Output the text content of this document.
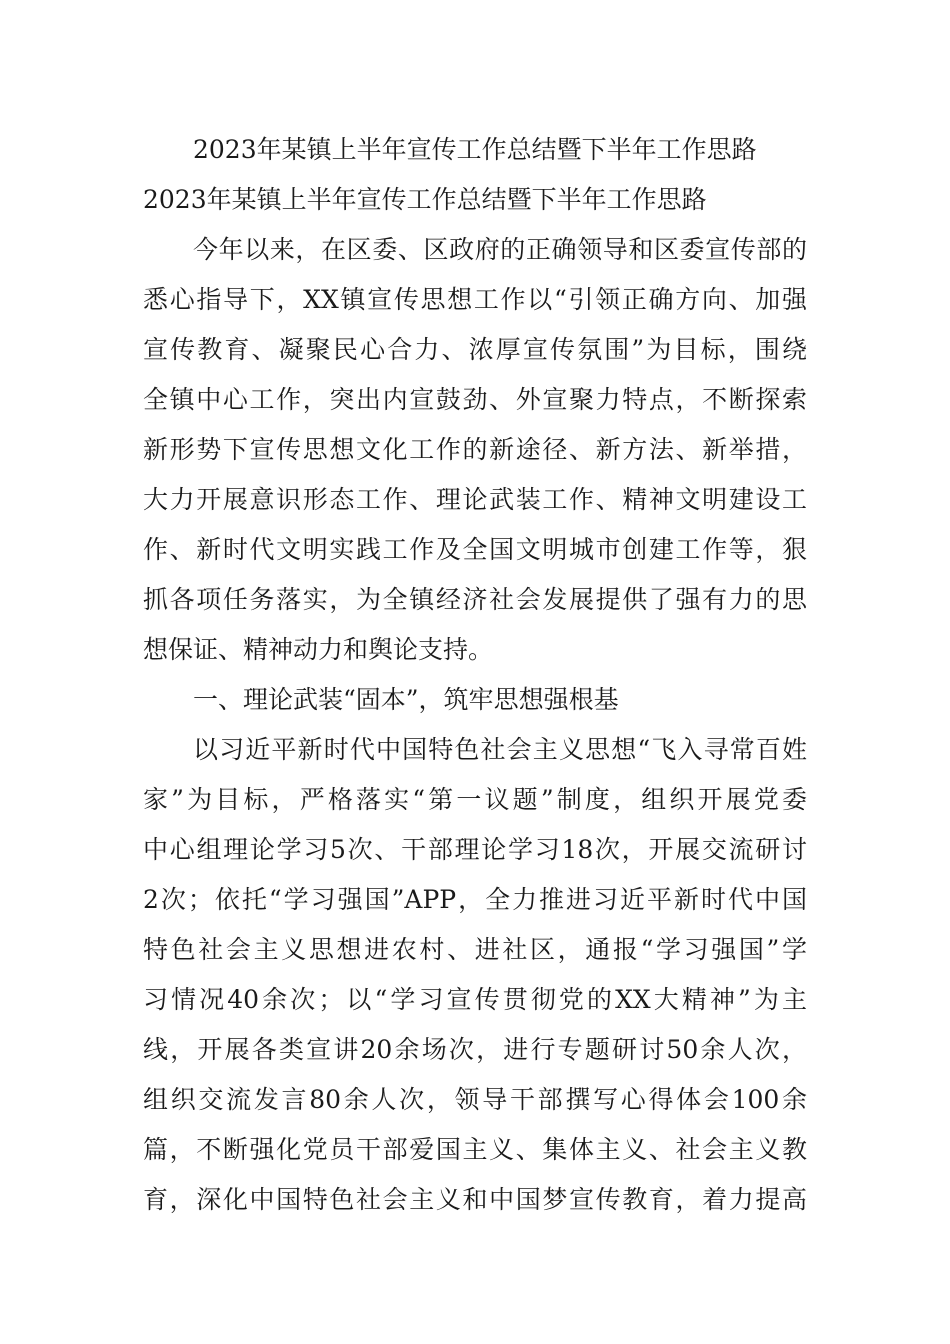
2023年某镇上半年宣传工作总结暨下半年工作思路
2023年某镇上半年宣传工作总结暨下半年工作思路
今年以来，在区委、区政府的正确领导和区委宣传部的
悉心指导下，XX镇宣传思想工作以“引领正确方向、加强
宣传教育、凝聚民心合力、浓厚宣传氛围”为目标，围绕
全镇中心工作，突出内宣鼓劲、外宣聚力特点，不断探索
新形势下宣传思想文化工作的新途径、新方法、新举措，
大力开展意识形态工作、理论武装工作、精神文明建设工
作、新时代文明实践工作及全国文明城市创建工作等，狠
抓各项任务落实，为全镇经济社会发展提供了强有力的思
想保证、精神动力和舆论支持。
一、理论武装“固本”，筑牢思想强根基
以习近平新时代中国特色社会主义思想“飞入寻常百姓
家”为目标，严格落实“第一议题”制度，组织开展党委
中心组理论学习5次、干部理论学习18次，开展交流研讨
2次；依托“学习强国”APP，全力推进习近平新时代中国
特色社会主义思想进农村、进社区，通报“学习强国”学
习情况40余次；以“学习宣传贯彻党的XX大精神”为主
线，开展各类宣讲20余场次，进行专题研讨50余人次，
组织交流发言80余人次，领导干部撰写心得体会100余
篇，不断强化党员干部爱国主义、集体主义、社会主义教
育，深化中国特色社会主义和中国梦宣传教育，着力提高
